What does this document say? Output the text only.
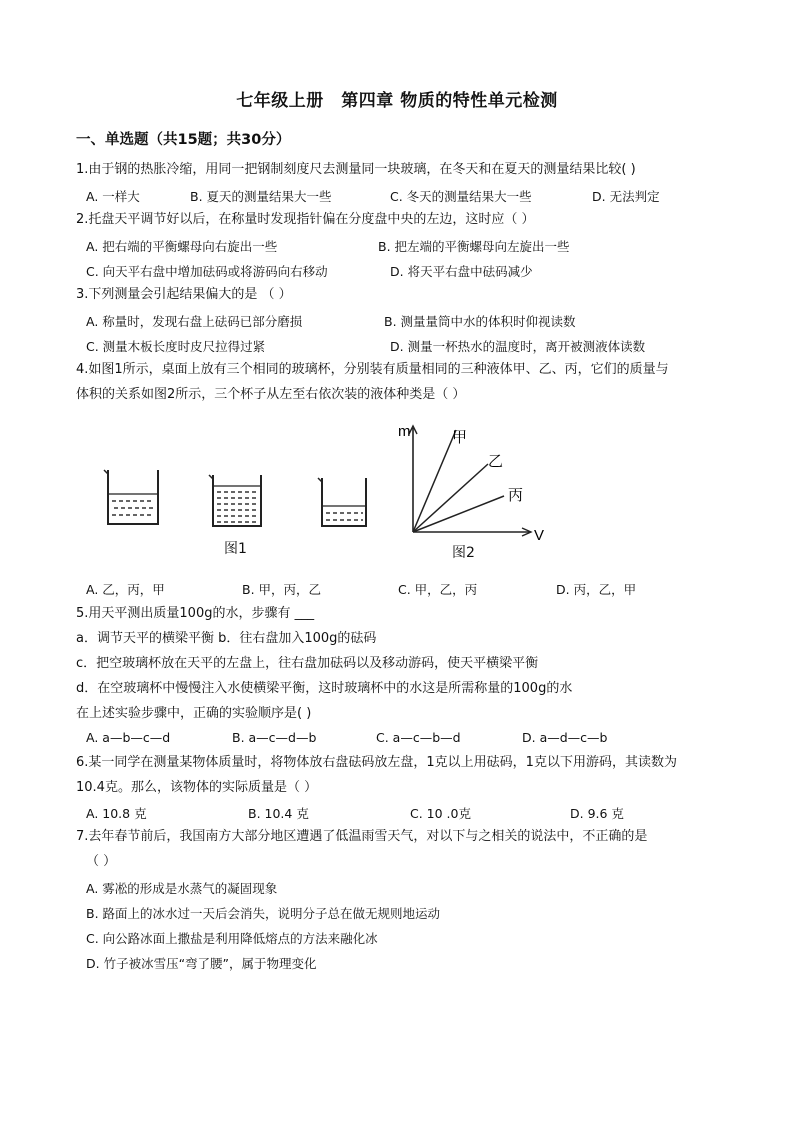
七年级上册　第四章 物质的特性单元检测
一、单选题（共15题；共30分）
1.由于钢的热胀冷缩，用同一把钢制刻度尺去测量同一块玻璃，在冬天和在夏天的测量结果比较( )
A. 一样大	B. 夏天的测量结果大一些	C. 冬天的测量结果大一些	D. 无法判定
2.托盘天平调节好以后，在称量时发现指针偏在分度盘中央的左边，这时应（ ）
A. 把右端的平衡螺母向右旋出一些	B. 把左端的平衡螺母向左旋出一些
C. 向天平右盘中增加砝码或将游码向右移动	D. 将天平右盘中砝码减少
3.下列测量会引起结果偏大的是 （ ）
A. 称量时，发现右盘上砝码已部分磨损	B. 测量量筒中水的体积时仰视读数
C. 测量木板长度时皮尺拉得过紧	D. 测量一杯热水的温度时，离开被测液体读数
4.如图1所示，桌面上放有三个相同的玻璃杯，分别装有质量相同的三种液体甲、乙、丙，它们的质量与
体积的关系如图2所示，三个杯子从左至右依次装的液体种类是（ ）
图1
m
V
甲
乙
丙
图2
A. 乙，丙，甲	B. 甲，丙，乙	C. 甲，乙，丙	D. 丙，乙，甲
5.用天平测出质量100g的水，步骤有 ___
a．调节天平的横梁平衡 b．往右盘加入100g的砝码
c．把空玻璃杯放在天平的左盘上，往右盘加砝码以及移动游码，使天平横梁平衡
d．在空玻璃杯中慢慢注入水使横梁平衡，这时玻璃杯中的水这是所需称量的100g的水
在上述实验步骤中，正确的实验顺序是( )
A. a—b—c—d	B. a—c—d—b	C. a—c—b—d	D. a—d—c—b
6.某一同学在测量某物体质量时，将物体放右盘砝码放左盘，1克以上用砝码，1克以下用游码，其读数为
10.4克。那么，该物体的实际质量是（ ）
A. 10.8 克	B. 10.4 克	C. 10 .0克	D. 9.6 克
7.去年春节前后，我国南方大部分地区遭遇了低温雨雪天气，对以下与之相关的说法中，不正确的是
（ ）
A. 雾凇的形成是水蒸气的凝固现象
B. 路面上的冰水过一天后会消失，说明分子总在做无规则地运动
C. 向公路冰面上撒盐是利用降低熔点的方法来融化冰
D. 竹子被冰雪压“弯了腰”，属于物理变化
